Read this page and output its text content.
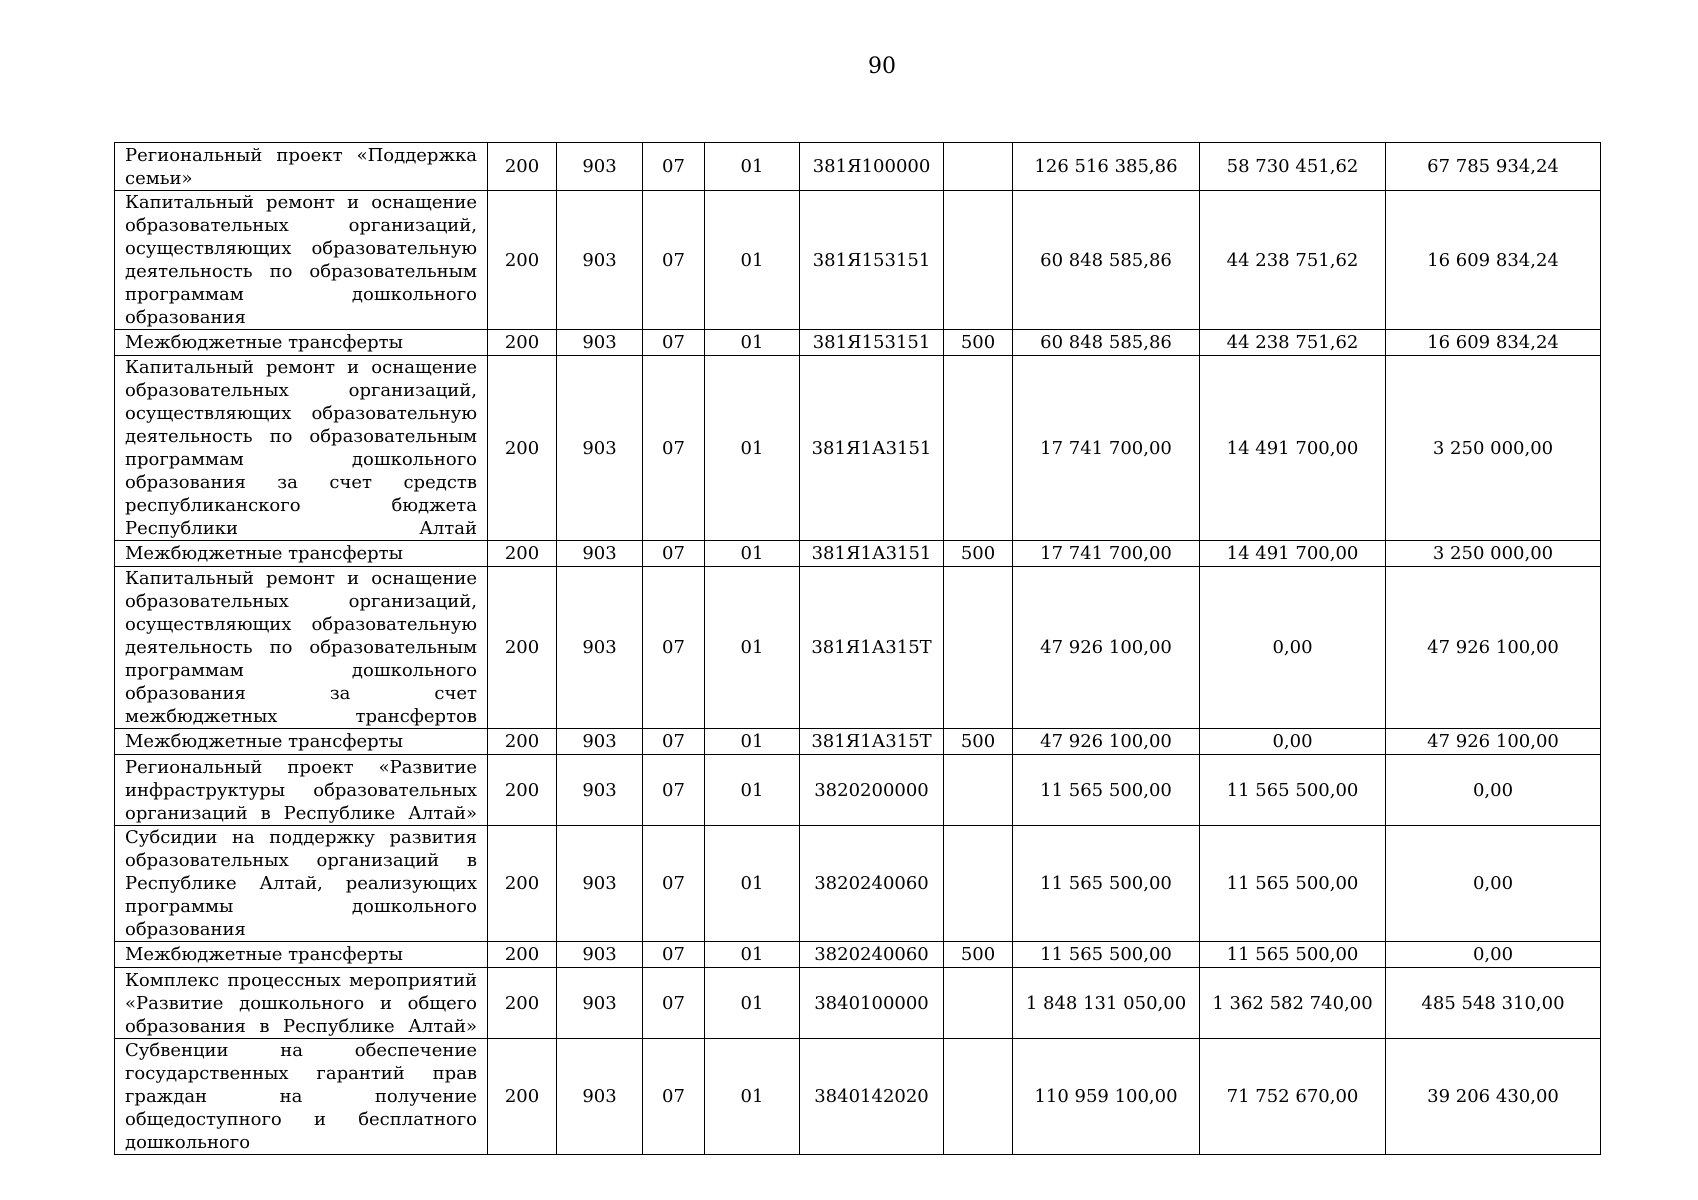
90
Региональный проект «Поддержка семьи»	200	903	07	01	381Я100000		126 516 385,86	58 730 451,62	67 785 934,24
Капитальный ремонт и оснащение образовательных организаций, осуществляющих образовательную деятельность по образовательным программам дошкольного образования	200	903	07	01	381Я153151		60 848 585,86	44 238 751,62	16 609 834,24
Межбюджетные трансферты	200	903	07	01	381Я153151	500	60 848 585,86	44 238 751,62	16 609 834,24
Капитальный ремонт и оснащение образовательных организаций, осуществляющих образовательную деятельность по образовательным программам дошкольного образования за счет средств республиканского бюджета Республики Алтай	200	903	07	01	381Я1А3151		17 741 700,00	14 491 700,00	3 250 000,00
Межбюджетные трансферты	200	903	07	01	381Я1А3151	500	17 741 700,00	14 491 700,00	3 250 000,00
Капитальный ремонт и оснащение образовательных организаций, осуществляющих образовательную деятельность по образовательным программам дошкольного образования за счет межбюджетных трансфертов	200	903	07	01	381Я1А315Т		47 926 100,00	0,00	47 926 100,00
Межбюджетные трансферты	200	903	07	01	381Я1А315Т	500	47 926 100,00	0,00	47 926 100,00
Региональный проект «Развитие инфраструктуры образовательных организаций в Республике Алтай»	200	903	07	01	3820200000		11 565 500,00	11 565 500,00	0,00
Субсидии на поддержку развития образовательных организаций в Республике Алтай, реализующих программы дошкольного образования	200	903	07	01	3820240060		11 565 500,00	11 565 500,00	0,00
Межбюджетные трансферты	200	903	07	01	3820240060	500	11 565 500,00	11 565 500,00	0,00
Комплекс процессных мероприятий «Развитие дошкольного и общего образования в Республике Алтай»	200	903	07	01	3840100000		1 848 131 050,00	1 362 582 740,00	485 548 310,00
Субвенции на обеспечение государственных гарантий прав граждан на получение общедоступного и бесплатного дошкольного	200	903	07	01	3840142020		110 959 100,00	71 752 670,00	39 206 430,00
